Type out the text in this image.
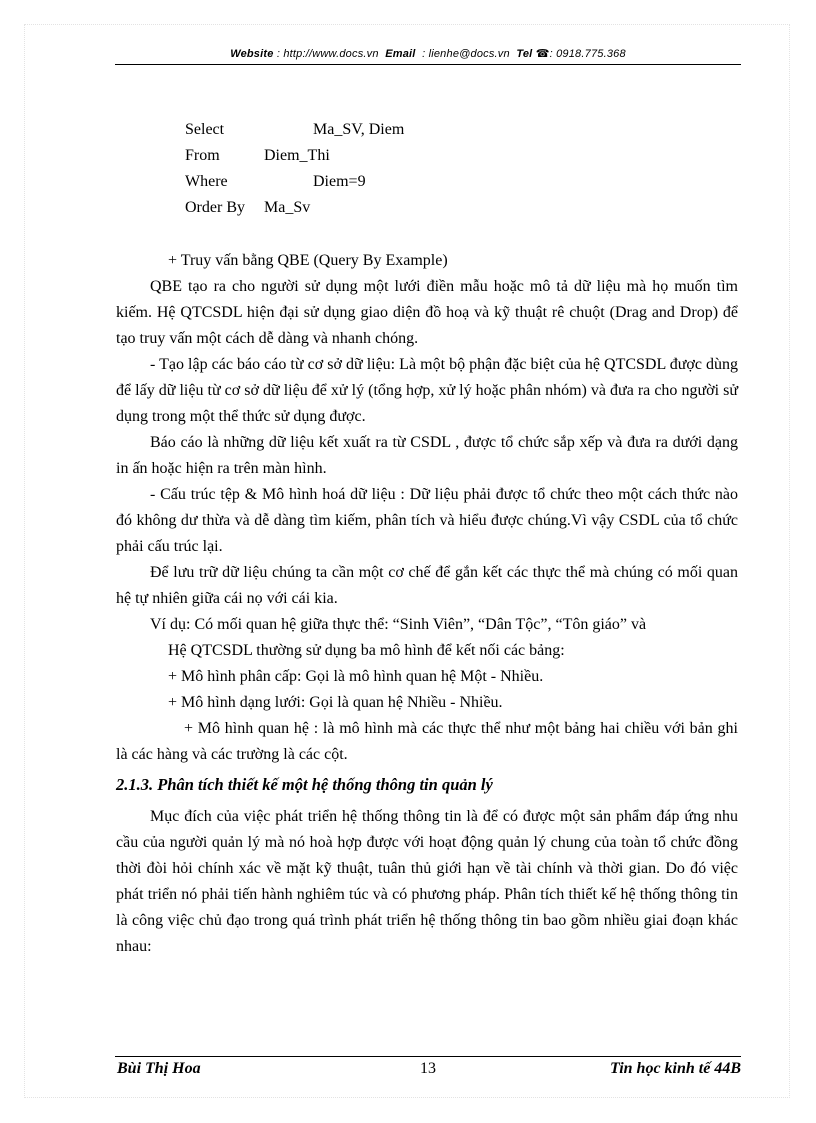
Website : http://www.docs.vn Email : lienhe@docs.vn Tel ☎: 0918.775.368
Select	Ma_SV, Diem
From	Diem_Thi
Where	Diem=9
Order By Ma_Sv

+ Truy vấn bằng QBE (Query By Example)

QBE tạo ra cho người sử dụng một lưới điền mẫu hoặc mô tả dữ liệu mà họ muốn tìm kiếm. Hệ QTCSDL hiện đại sử dụng giao diện đồ hoạ và kỹ thuật rê chuột (Drag and Drop) để tạo truy vấn một cách dễ dàng và nhanh chóng.

- Tạo lập các báo cáo từ cơ sở dữ liệu: Là một bộ phận đặc biệt của hệ QTCSDL được dùng để lấy dữ liệu từ cơ sở dữ liệu để xử lý (tổng hợp, xử lý hoặc phân nhóm) và đưa ra cho người sử dụng trong một thể thức sử dụng được.

Báo cáo là những dữ liệu kết xuất ra từ CSDL , được tổ chức sắp xếp và đưa ra dưới dạng in ấn hoặc hiện ra trên màn hình.

- Cấu trúc tệp & Mô hình hoá dữ liệu : Dữ liệu phải được tổ chức theo một cách thức nào đó không dư thừa và dễ dàng tìm kiếm, phân tích và hiểu được chúng.Vì vậy CSDL của tổ chức phải cấu trúc lại.

Để lưu trữ dữ liệu chúng ta cần một cơ chế để gắn kết các thực thể mà chúng có mối quan hệ tự nhiên giữa cái nọ với cái kia.

Ví dụ: Có mối quan hệ giữa thực thể: “Sinh Viên”, “Dân Tộc”, “Tôn giáo” và

Hệ QTCSDL thường sử dụng ba mô hình để kết nối các bảng:

+ Mô hình phân cấp: Gọi là mô hình quan hệ Một - Nhiều.

+ Mô hình dạng lưới: Gọi là quan hệ Nhiều - Nhiều.

+ Mô hình quan hệ : là mô hình mà các thực thể như một bảng hai chiều với bản ghi là các hàng và các trường là các cột.

2.1.3. Phân tích thiết kế một hệ thống thông tin quản lý

Mục đích của việc phát triển hệ thống thông tin là để có được một sản phẩm đáp ứng nhu cầu của người quản lý mà nó hoà hợp được với hoạt động quản lý chung của toàn tổ chức đồng thời đòi hỏi chính xác về mặt kỹ thuật, tuân thủ giới hạn về tài chính và thời gian. Do đó việc phát triển nó phải tiến hành nghiêm túc và có phương pháp. Phân tích thiết kế hệ thống thông tin là công việc chủ đạo trong quá trình phát triển hệ thống thông tin bao gồm nhiều giai đoạn khác nhau:

Bùi Thị Hoa	13	Tin học kinh tế 44B
